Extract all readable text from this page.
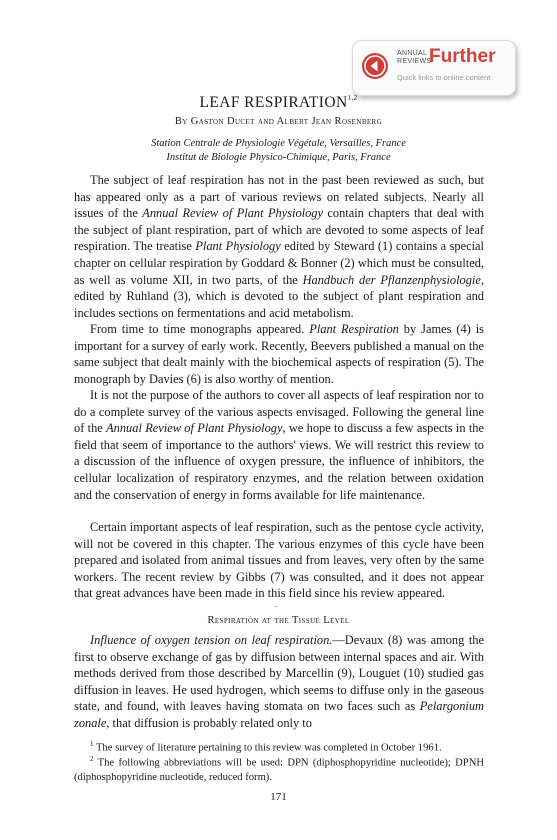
ANNUAL
REVIEWS
Further
Quick links to online content
LEAF RESPIRATION$^{1,2}$
By Gaston Ducet and Albert Jean Rosenberg
Station Centrale de Physiologie Végétale, Versailles, France
Institut de Biologie Physico-Chimique, Paris, France

The subject of leaf respiration has not in the past been reviewed as such, but has appeared only as a part of various reviews on related subjects. Nearly all issues of the Annual Review of Plant Physiology contain chapters that deal with the subject of plant respiration, part of which are devoted to some aspects of leaf respiration. The treatise Plant Physiology edited by Steward (1) contains a special chapter on cellular respiration by Goddard & Bonner (2) which must be consulted, as well as volume XII, in two parts, of the Handbuch der Pflanzenphysiologie, edited by Ruhland (3), which is devoted to the subject of plant respiration and includes sections on fermentations and acid metabolism.

From time to time monographs appeared. Plant Respiration by James (4) is important for a survey of early work. Recently, Beevers published a manual on the same subject that dealt mainly with the biochemical aspects of respiration (5). The monograph by Davies (6) is also worthy of mention.

It is not the purpose of the authors to cover all aspects of leaf respiration nor to do a complete survey of the various aspects envisaged. Following the general line of the Annual Review of Plant Physiology, we hope to discuss a few aspects in the field that seem of importance to the authors' views. We will restrict this review to a discussion of the influence of oxygen pressure, the influence of inhibitors, the cellular localization of respiratory enzymes, and the relation between oxidation and the conservation of energy in forms available for life maintenance.

Certain important aspects of leaf respiration, such as the pentose cycle activity, will not be covered in this chapter. The various enzymes of this cycle have been prepared and isolated from animal tissues and from leaves, very often by the same workers. The recent review by Gibbs (7) was consulted, and it does not appear that great advances have been made in this field since his review appeared.

Respiration at the Tissue Level

Influence of oxygen tension on leaf respiration.—Devaux (8) was among the first to observe exchange of gas by diffusion between internal spaces and air. With methods derived from those described by Marcellin (9), Louguet (10) studied gas diffusion in leaves. He used hydrogen, which seems to diffuse only in the gaseous state, and found, with leaves having stomata on two faces such as Pelargonium zonale, that diffusion is probably related only to

$^1$ The survey of literature pertaining to this review was completed in October 1961.

$^2$ The following abbreviations will be used: DPN (diphosphopyridine nucleotide); DPNH (diphosphopyridine nucleotide, reduced form).

171
